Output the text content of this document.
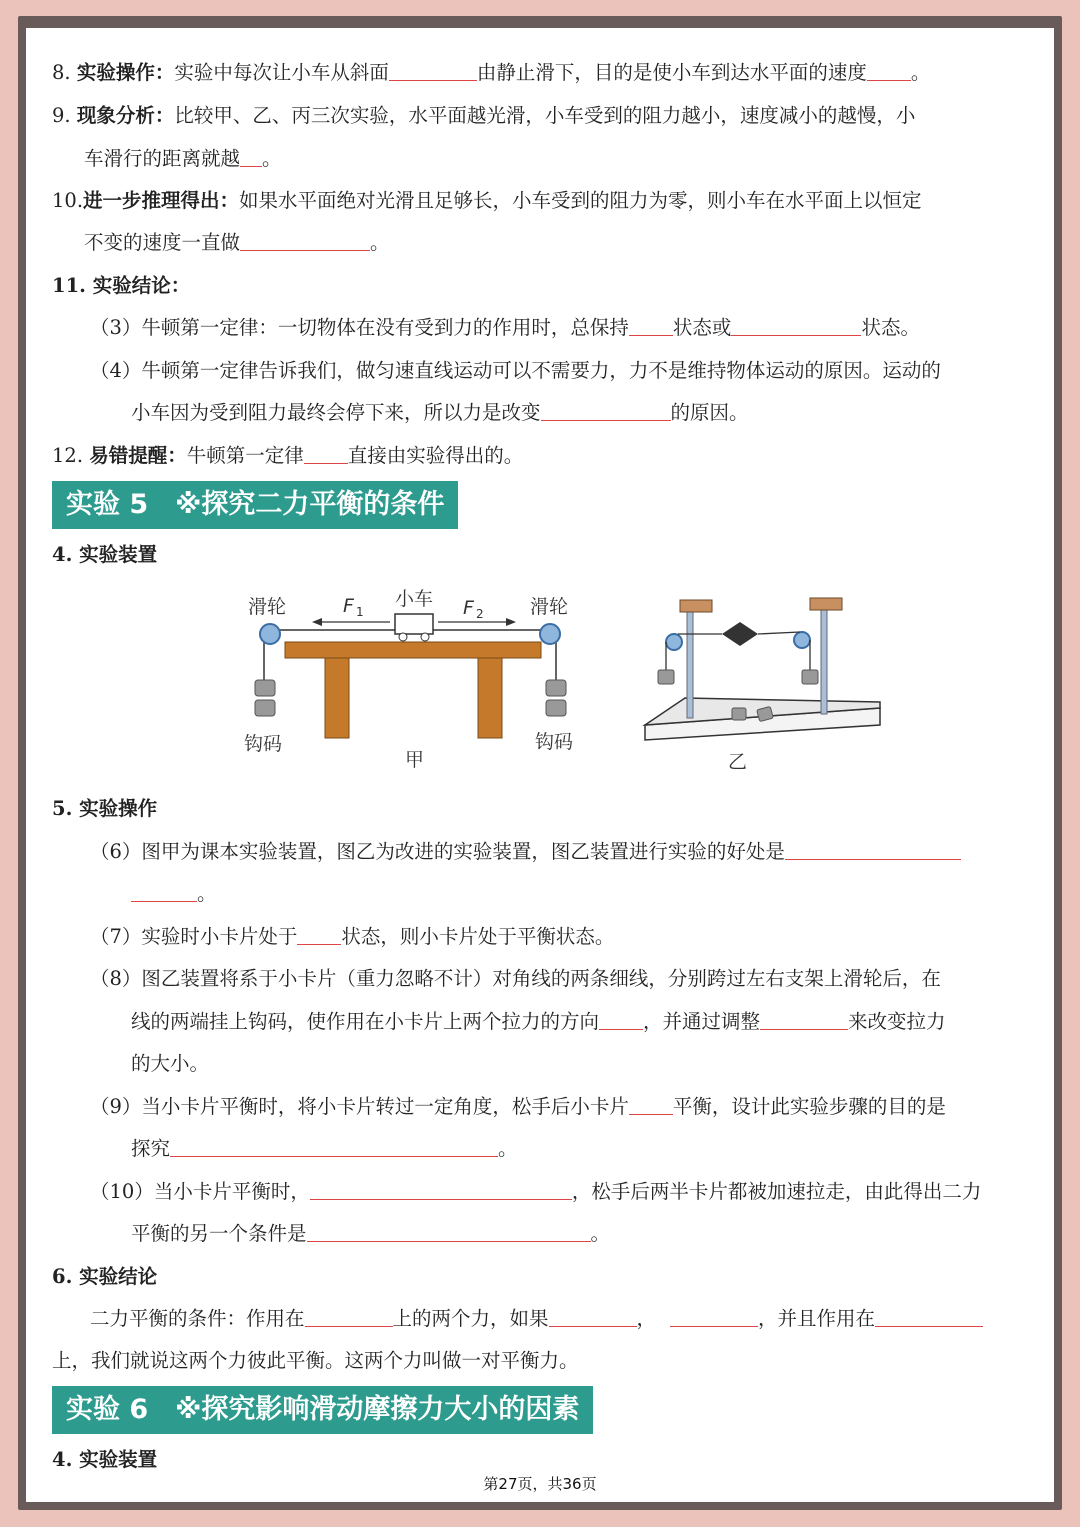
8. 实验操作：实验中每次让小车从斜面	由静止滑下，目的是使小车到达水平面的速度 。
9. 现象分析：比较甲、乙、丙三次实验，水平面越光滑，小车受到的阻力越小，速度减小的越慢，小
车滑行的距离就越 。
10.进一步推理得出：如果水平面绝对光滑且足够长，小车受到的阻力为零，则小车在水平面上以恒定
不变的速度一直做	。
11. 实验结论：
（3）牛顿第一定律：一切物体在没有受到力的作用时，总保持 状态或	状态。
（4）牛顿第一定律告诉我们，做匀速直线运动可以不需要力，力不是维持物体运动的原因。运动的
小车因为受到阻力最终会停下来，所以力是改变	的原因。
12. 易错提醒：牛顿第一定律 直接由实验得出的。
实验 5　※探究二力平衡的条件
4. 实验装置
滑轮	滑轮
小车
F 1	F 2
钩码	钩码
甲	乙
5. 实验操作
（6）图甲为课本实验装置，图乙为改进的实验装置，图乙装置进行实验的好处是
。
（7）实验时小卡片处于 状态，则小卡片处于平衡状态。
（8）图乙装置将系于小卡片（重力忽略不计）对角线的两条细线，分别跨过左右支架上滑轮后，在
线的两端挂上钩码，使作用在小卡片上两个拉力的方向 ，并通过调整	来改变拉力
的大小。
（9）当小卡片平衡时，将小卡片转过一定角度，松手后小卡片 平衡，设计此实验步骤的目的是
探究	。
（10）当小卡片平衡时，	，松手后两半卡片都被加速拉走，由此得出二力
平衡的另一个条件是	。
6. 实验结论
二力平衡的条件：作用在	上的两个力，如果	，	，并且作用在
上，我们就说这两个力彼此平衡。这两个力叫做一对平衡力。
实验 6　※探究影响滑动摩擦力大小的因素
4. 实验装置
第27页，共36页
